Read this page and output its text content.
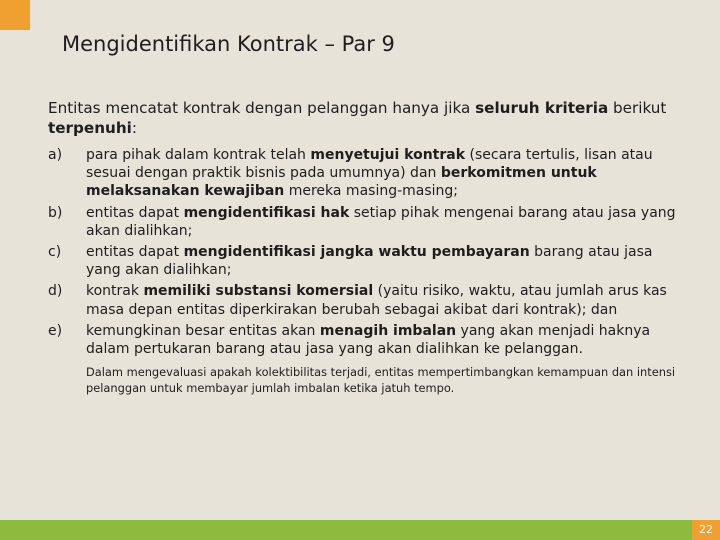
Mengidentifikan Kontrak – Par 9

Entitas mencatat kontrak dengan pelanggan hanya jika seluruh kriteria berikut terpenuhi:

a)	para pihak dalam kontrak telah menyetujui kontrak (secara tertulis, lisan atau sesuai dengan praktik bisnis pada umumnya) dan berkomitmen untuk melaksanakan kewajiban mereka masing-masing;
b)	entitas dapat mengidentifikasi hak setiap pihak mengenai barang atau jasa yang akan dialihkan;
c)	entitas dapat mengidentifikasi jangka waktu pembayaran barang atau jasa yang akan dialihkan;
d)	kontrak memiliki substansi komersial (yaitu risiko, waktu, atau jumlah arus kas masa depan entitas diperkirakan berubah sebagai akibat dari kontrak); dan
e)	kemungkinan besar entitas akan menagih imbalan yang akan menjadi haknya dalam pertukaran barang atau jasa yang akan dialihkan ke pelanggan.

Dalam mengevaluasi apakah kolektibilitas terjadi, entitas mempertimbangkan kemampuan dan intensi pelanggan untuk membayar jumlah imbalan ketika jatuh tempo.

22
